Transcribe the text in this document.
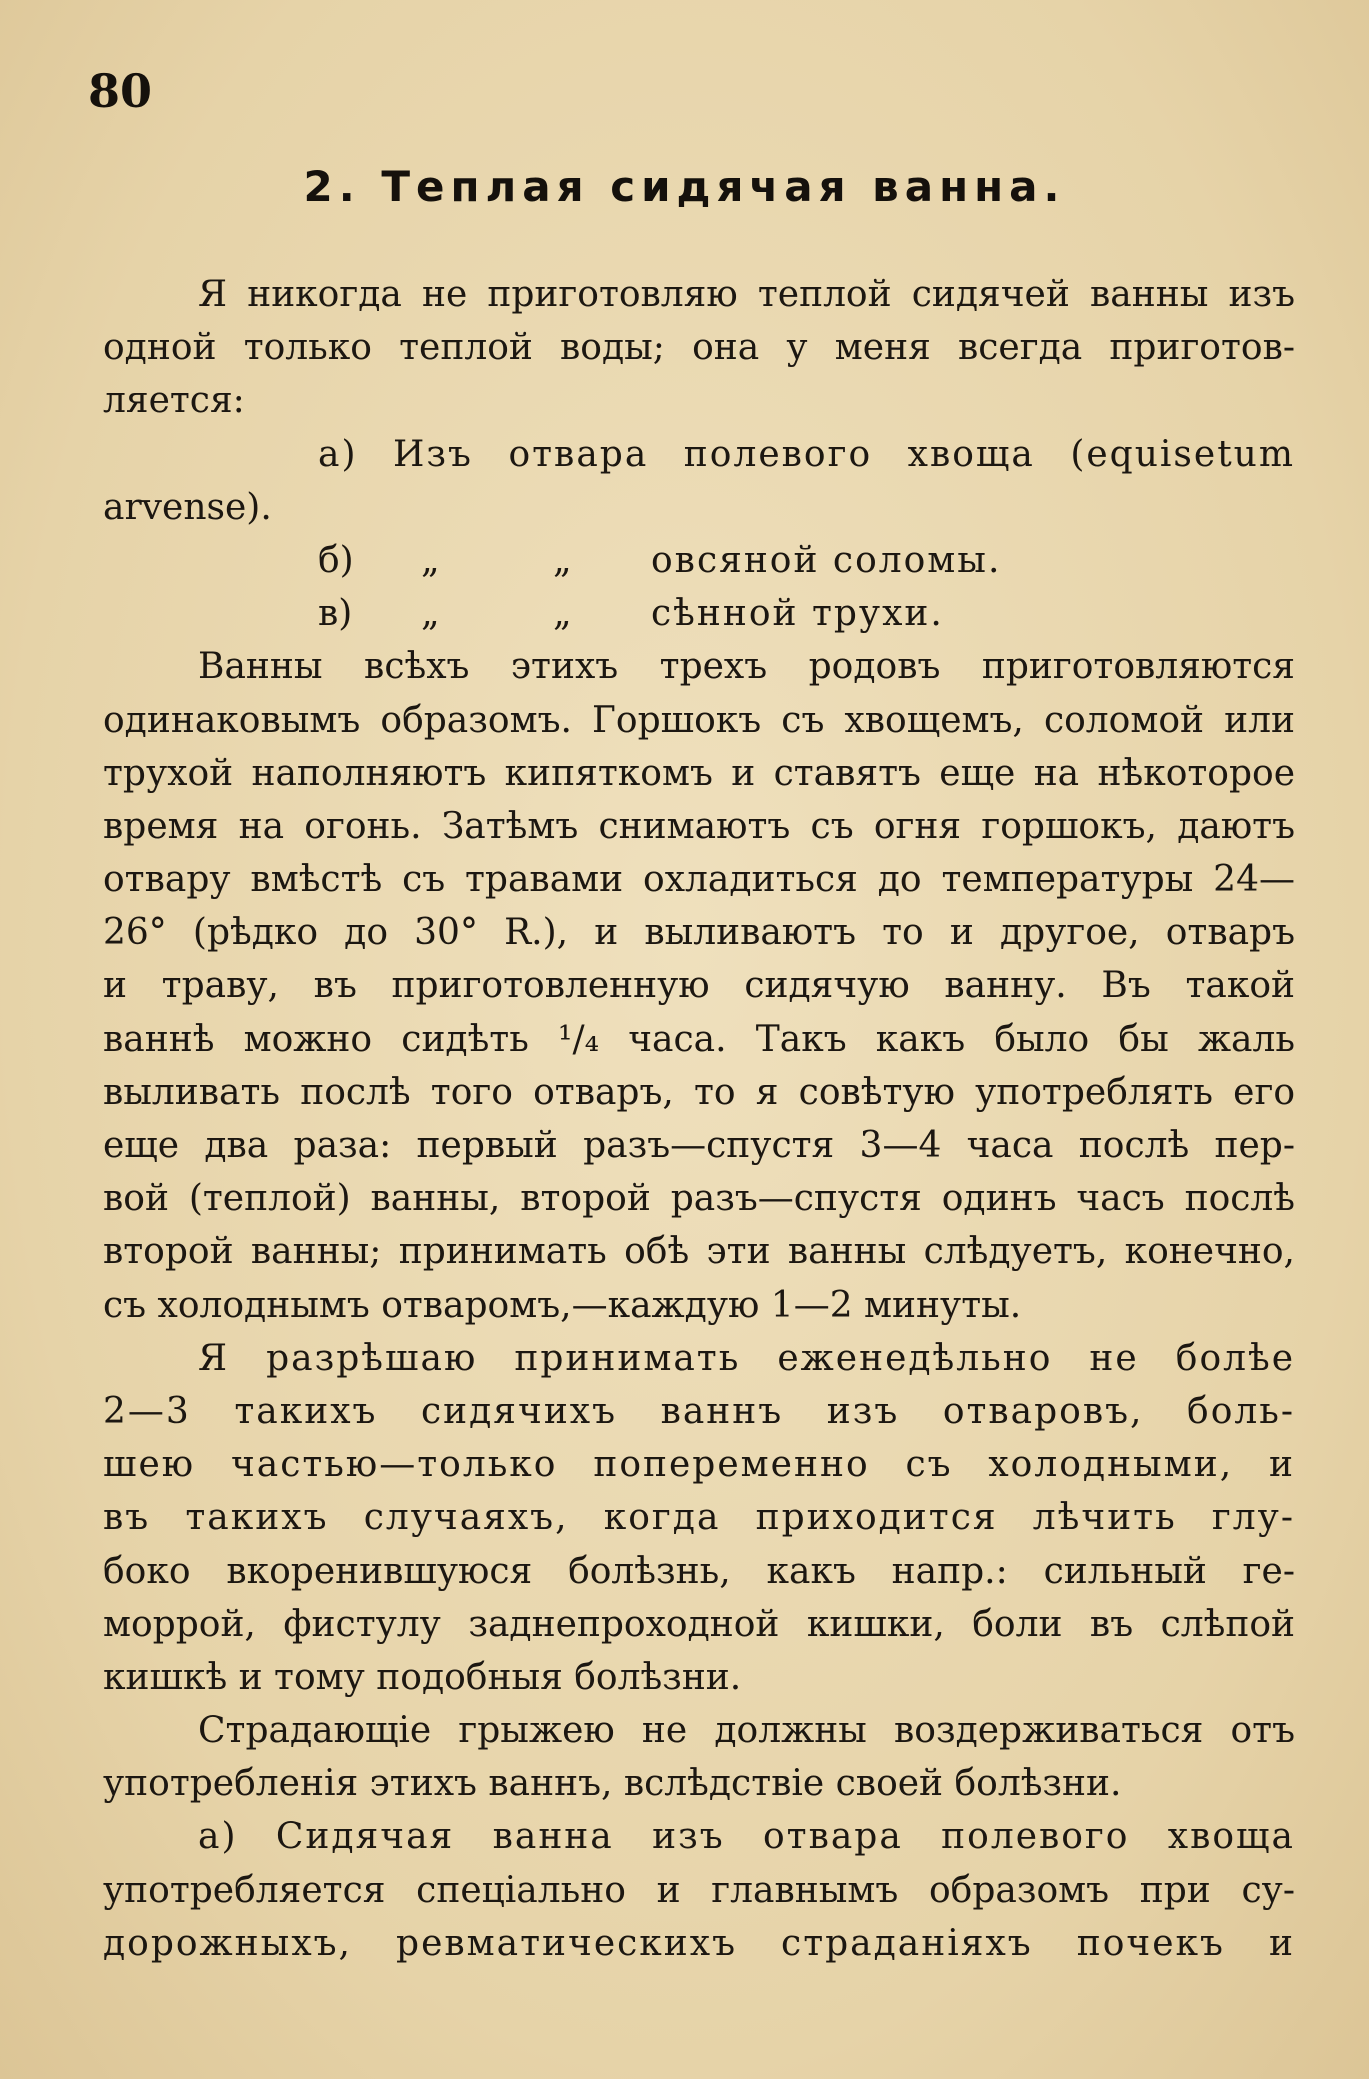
80
2. Теплая сидячая ванна.
Я никогда не приготовляю теплой сидячей ванны изъ
одной только теплой воды; она у меня всегда приготов-
ляется:
a) Изъ отвара полевого хвоща (equisetum
arvense).
б) „	„ овсяной соломы.
в) „	„ сѣнной трухи.
Ванны всѣхъ этихъ трехъ родовъ приготовляются
одинаковымъ образомъ. Горшокъ съ хвощемъ, соломой или
трухой наполняютъ кипяткомъ и ставятъ еще на нѣкоторое
время на огонь. Затѣмъ снимаютъ съ огня горшокъ, даютъ
отвару вмѣстѣ съ травами охладиться до температуры 24—
26° (рѣдко до 30° R.), и выливаютъ то и другое, отваръ
и траву, въ приготовленную сидячую ванну. Въ такой
ваннѣ можно сидѣть ¹/₄ часа. Такъ какъ было бы жаль
выливать послѣ того отваръ, то я совѣтую употреблять его
еще два раза: первый разъ—спустя 3—4 часа послѣ пер-
вой (теплой) ванны, второй разъ—спустя одинъ часъ послѣ
второй ванны; принимать обѣ эти ванны слѣдуетъ, конечно,
съ холоднымъ отваромъ,—каждую 1—2 минуты.
Я разрѣшаю принимать еженедѣльно не болѣе
2—3 такихъ сидячихъ ваннъ изъ отваровъ, боль-
шею частью—только попеременно съ холодными, и
въ такихъ случаяхъ, когда приходится лѣчить глу-
боко вкоренившуюся болѣзнь, какъ напр.: сильный ге-
моррой, фистулу заднепроходной кишки, боли въ слѣпой
кишкѣ и тому подобныя болѣзни.
Страдающіе грыжею не должны воздерживаться отъ
употребленія этихъ ваннъ, вслѣдствіе своей болѣзни.
a) Сидячая ванна изъ отвара полевого хвоща
употребляется спеціально и главнымъ образомъ при су-
дорожныхъ, ревматическихъ страданіяхъ почекъ и
